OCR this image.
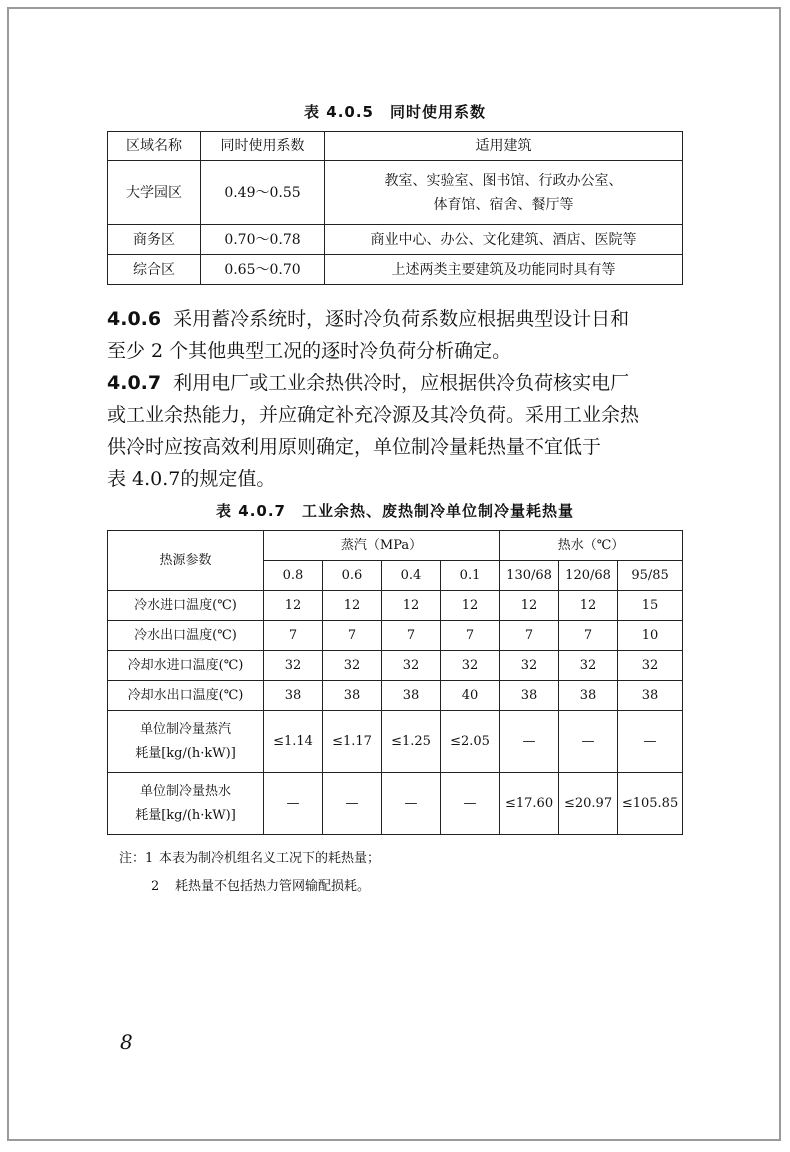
表 4.0.5　同时使用系数
区域名称	同时使用系数	适用建筑
大学园区	0.49～0.55	教室、实验室、图书馆、行政办公室、
体育馆、宿舍、餐厅等

商务区	0.70～0.78	商业中心、办公、文化建筑、酒店、医院等
综合区	0.65～0.70	上述两类主要建筑及功能同时具有等
4.0.6 采用蓄冷系统时，逐时冷负荷系数应根据典型设计日和
至少 2 个其他典型工况的逐时冷负荷分析确定。
4.0.7 利用电厂或工业余热供冷时，应根据供冷负荷核实电厂
或工业余热能力，并应确定补充冷源及其冷负荷。采用工业余热
供冷时应按高效利用原则确定，单位制冷量耗热量不宜低于
表 4.0.7的规定值。
表 4.0.7　工业余热、废热制冷单位制冷量耗热量
热源参数	蒸汽（MPa）				热水（℃）		
	0.8	0.6	0.4	0.1	130/68	120/68	95/85
冷水进口温度(℃)	12	12	12	12	12	12	15
冷水出口温度(℃)	7	7	7	7	7	7	10
冷却水进口温度(℃)	32	32	32	32	32	32	32
冷却水出口温度(℃)	38	38	38	40	38	38	38

单位制冷量蒸汽
耗量[kg/(h·kW)]	≤1.14	≤1.17	≤1.25	≤2.05	—	—	—

单位制冷量热水
耗量[kg/(h·kW)]	—	—	—	—	≤17.60	≤20.97	≤105.85
注：1 本表为制冷机组名义工况下的耗热量；
2 耗热量不包括热力管网输配损耗。
8
